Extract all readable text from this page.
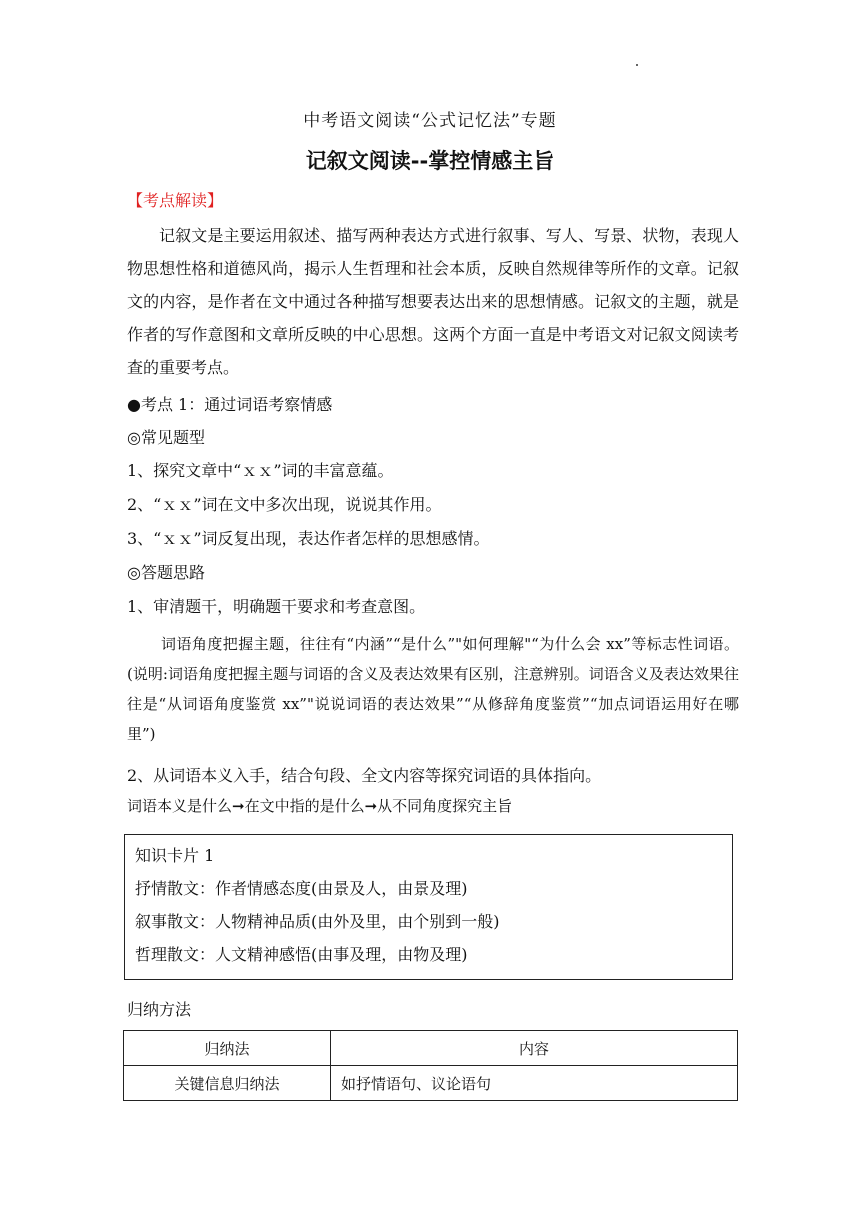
中考语文阅读“公式记忆法”专题
记叙文阅读--掌控情感主旨
【考点解读】
记叙文是主要运用叙述、描写两种表达方式进行叙事、写人、写景、状物，表现人物思想性格和道德风尚，揭示人生哲理和社会本质，反映自然规律等所作的文章。记叙文的内容，是作者在文中通过各种描写想要表达出来的思想情感。记叙文的主题，就是作者的写作意图和文章所反映的中心思想。这两个方面一直是中考语文对记叙文阅读考查的重要考点。
●考点 1：通过词语考察情感
◎常见题型
1、探究文章中“ｘｘ”词的丰富意蕴。
2、“ｘｘ”词在文中多次出现，说说其作用。
3、“ｘｘ”词反复出现，表达作者怎样的思想感情。
◎答题思路
1、审清题干，明确题干要求和考查意图。
词语角度把握主题，往往有“内涵”“是什么”"如何理解"“为什么会 xx”等标志性词语。(说明:词语角度把握主题与词语的含义及表达效果有区别，注意辨别。词语含义及表达效果往往是“从词语角度鉴赏 xx”"说说词语的表达效果”“从修辞角度鉴赏”“加点词语运用好在哪里”)
2、从词语本义入手，结合句段、全文内容等探究词语的具体指向。
词语本义是什么➞在文中指的是什么➞从不同角度探究主旨
知识卡片 1
抒情散文：作者情感态度(由景及人，由景及理)
叙事散文：人物精神品质(由外及里，由个别到一般)
哲理散文：人文精神感悟(由事及理，由物及理)
归纳方法
归纳法	内容
关键信息归纳法	如抒情语句、议论语句
